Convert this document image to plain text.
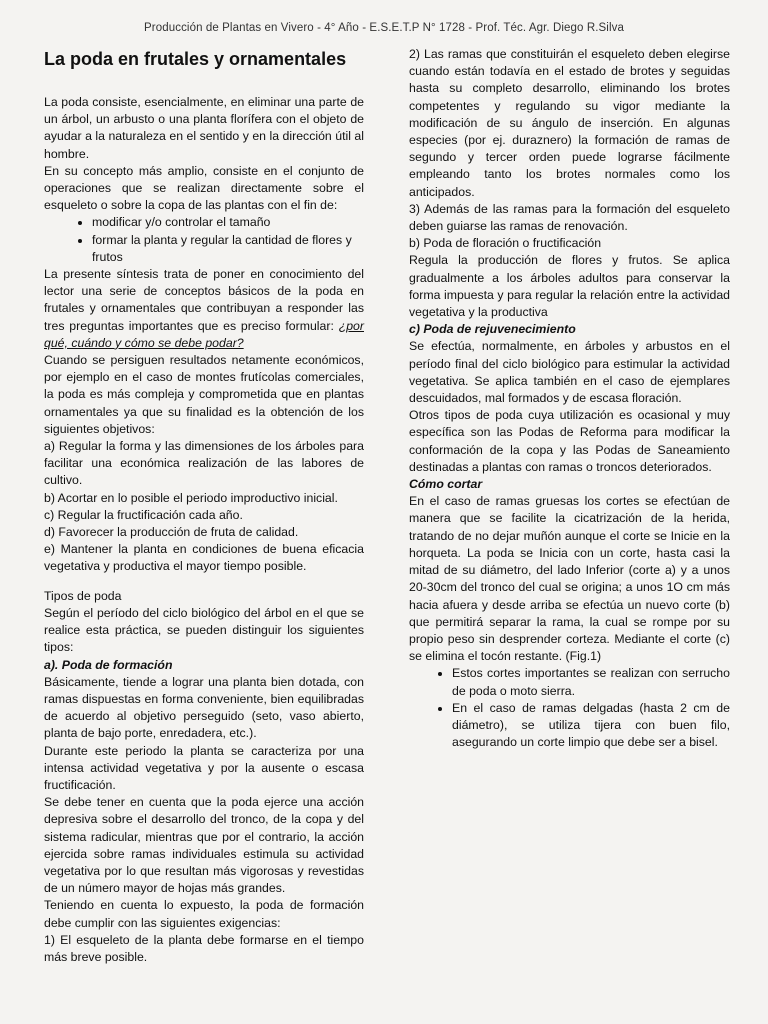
Producción de Plantas en Vivero - 4° Año - E.S.E.T.P N° 1728 - Prof. Téc. Agr. Diego R.Silva
La poda en frutales y ornamentales

La poda consiste, esencialmente, en eliminar una parte de un árbol, un arbusto o una planta florífera con el objeto de ayudar a la naturaleza en el sentido y en la dirección útil al hombre.

En su concepto más amplio, consiste en el conjunto de operaciones que se realizan directamente sobre el esqueleto o sobre la copa de las plantas con el fin de:

• modificar y/o controlar el tamaño
• formar la planta y regular la cantidad de flores y frutos

La presente síntesis trata de poner en conocimiento del lector una serie de conceptos básicos de la poda en frutales y ornamentales que contribuyan a responder las tres preguntas importantes que es preciso formular: ¿por qué, cuándo y cómo se debe podar?

Cuando se persiguen resultados netamente económicos, por ejemplo en el caso de montes frutícolas comerciales, la poda es más compleja y comprometida que en plantas ornamentales ya que su finalidad es la obtención de los siguientes objetivos:

a) Regular la forma y las dimensiones de los árboles para facilitar una económica realización de las labores de cultivo.

b) Acortar en lo posible el periodo improductivo inicial.

c) Regular la fructificación cada año.

d) Favorecer la producción de fruta de calidad.

e) Mantener la planta en condiciones de buena eficacia vegetativa y productiva el mayor tiempo posible.

Tipos de poda

Según el período del ciclo biológico del árbol en el que se realice esta práctica, se pueden distinguir los siguientes tipos:

a). Poda de formación

Básicamente, tiende a lograr una planta bien dotada, con ramas dispuestas en forma conveniente, bien equilibradas de acuerdo al objetivo perseguido (seto, vaso abierto, planta de bajo porte, enredadera, etc.).

Durante este periodo la planta se caracteriza por una intensa actividad vegetativa y por la ausente o escasa fructificación.

Se debe tener en cuenta que la poda ejerce una acción depresiva sobre el desarrollo del tronco, de la copa y del sistema radicular, mientras que por el contrario, la acción ejercida sobre ramas individuales estimula su actividad vegetativa por lo que resultan más vigorosas y revestidas de un número mayor de hojas más grandes.

Teniendo en cuenta lo expuesto, la poda de formación debe cumplir con las siguientes exigencias:

1) El esqueleto de la planta debe formarse en el tiempo más breve posible.

2) Las ramas que constituirán el esqueleto deben elegirse cuando están todavía en el estado de brotes y seguidas hasta su completo desarrollo, eliminando los brotes competentes y regulando su vigor mediante la modificación de su ángulo de inserción. En algunas especies (por ej. duraznero) la formación de ramas de segundo y tercer orden puede lograrse fácilmente empleando tanto los brotes normales como los anticipados.

3) Además de las ramas para la formación del esqueleto deben guiarse las ramas de renovación.

b) Poda de floración o fructificación

Regula la producción de flores y frutos. Se aplica gradualmente a los árboles adultos para conservar la forma impuesta y para regular la relación entre la actividad vegetativa y la productiva

c) Poda de rejuvenecimiento

Se efectúa, normalmente, en árboles y arbustos en el período final del ciclo biológico para estimular la actividad vegetativa. Se aplica también en el caso de ejemplares descuidados, mal formados y de escasa floración.

Otros tipos de poda cuya utilización es ocasional y muy específica son las Podas de Reforma para modificar la conformación de la copa y las Podas de Saneamiento destinadas a plantas con ramas o troncos deteriorados.

Cómo cortar

En el caso de ramas gruesas los cortes se efectúan de manera que se facilite la cicatrización de la herida, tratando de no dejar muñón aunque el corte se Inicie en la horqueta. La poda se Inicia con un corte, hasta casi la mitad de su diámetro, del lado Inferior (corte a) y a unos 20-30cm del tronco del cual se origina; a unos 1O cm más hacia afuera y desde arriba se efectúa un nuevo corte (b) que permitirá separar la rama, la cual se rompe por su propio peso sin desprender corteza. Mediante el corte (c) se elimina el tocón restante. (Fig.1)

• Estos cortes importantes se realizan con serrucho de poda o moto sierra.
• En el caso de ramas delgadas (hasta 2 cm de diámetro), se utiliza tijera con buen filo, asegurando un corte limpio que debe ser a bisel.
